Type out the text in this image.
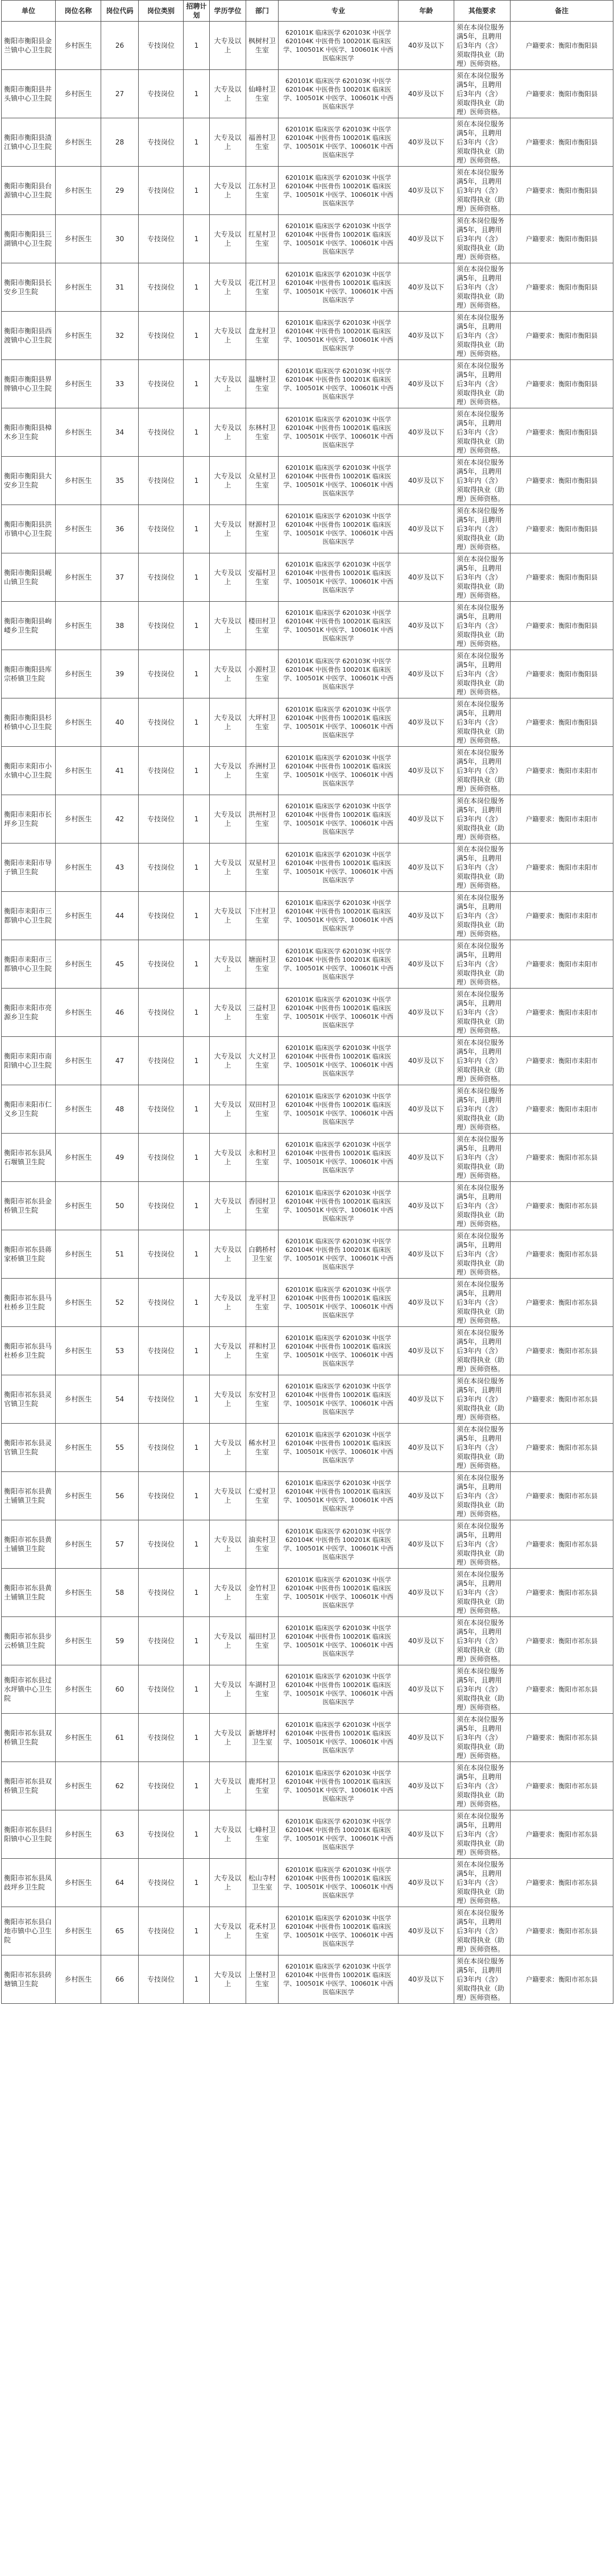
单位	岗位名称	岗位代码	岗位类别	招聘计划	学历学位	部门	专业	年龄	其他要求	备注
衡阳市衡阳县金兰镇中心卫生院	乡村医生	26	专技岗位	1	大专及以上	枫树村卫生室	620101K 临床医学 620103K 中医学 620104K 中医骨伤 100201K 临床医学、100501K 中医学、100601K 中西医临床医学	40岁及以下	须在本岗位服务满5年，且聘用后3年内（含）须取得执业（助理）医师资格。	户籍要求：衡阳市衡阳县
衡阳市衡阳县井头镇中心卫生院	乡村医生	27	专技岗位	1	大专及以上	仙峰村卫生室	620101K 临床医学 620103K 中医学 620104K 中医骨伤 100201K 临床医学、100501K 中医学、100601K 中西医临床医学	40岁及以下	须在本岗位服务满5年，且聘用后3年内（含）须取得执业（助理）医师资格。	户籍要求：衡阳市衡阳县
衡阳市衡阳县渣江镇中心卫生院	乡村医生	28	专技岗位	1	大专及以上	福善村卫生室	620101K 临床医学 620103K 中医学 620104K 中医骨伤 100201K 临床医学、100501K 中医学、100601K 中西医临床医学	40岁及以下	须在本岗位服务满5年，且聘用后3年内（含）须取得执业（助理）医师资格。	户籍要求：衡阳市衡阳县
衡阳市衡阳县台源镇中心卫生院	乡村医生	29	专技岗位	1	大专及以上	江东村卫生室	620101K 临床医学 620103K 中医学 620104K 中医骨伤 100201K 临床医学、100501K 中医学、100601K 中西医临床医学	40岁及以下	须在本岗位服务满5年，且聘用后3年内（含）须取得执业（助理）医师资格。	户籍要求：衡阳市衡阳县
衡阳市衡阳县三湖镇中心卫生院	乡村医生	30	专技岗位	1	大专及以上	红星村卫生室	620101K 临床医学 620103K 中医学 620104K 中医骨伤 100201K 临床医学、100501K 中医学、100601K 中西医临床医学	40岁及以下	须在本岗位服务满5年，且聘用后3年内（含）须取得执业（助理）医师资格。	户籍要求：衡阳市衡阳县
衡阳市衡阳县长安乡卫生院	乡村医生	31	专技岗位	1	大专及以上	花江村卫生室	620101K 临床医学 620103K 中医学 620104K 中医骨伤 100201K 临床医学、100501K 中医学、100601K 中西医临床医学	40岁及以下	须在本岗位服务满5年，且聘用后3年内（含）须取得执业（助理）医师资格。	户籍要求：衡阳市衡阳县
衡阳市衡阳县西渡镇中心卫生院	乡村医生	32	专技岗位	1	大专及以上	盘龙村卫生室	620101K 临床医学 620103K 中医学 620104K 中医骨伤 100201K 临床医学、100501K 中医学、100601K 中西医临床医学	40岁及以下	须在本岗位服务满5年，且聘用后3年内（含）须取得执业（助理）医师资格。	户籍要求：衡阳市衡阳县
衡阳市衡阳县界牌镇中心卫生院	乡村医生	33	专技岗位	1	大专及以上	温塘村卫生室	620101K 临床医学 620103K 中医学 620104K 中医骨伤 100201K 临床医学、100501K 中医学、100601K 中西医临床医学	40岁及以下	须在本岗位服务满5年，且聘用后3年内（含）须取得执业（助理）医师资格。	户籍要求：衡阳市衡阳县
衡阳市衡阳县樟木乡卫生院	乡村医生	34	专技岗位	1	大专及以上	东林村卫生室	620101K 临床医学 620103K 中医学 620104K 中医骨伤 100201K 临床医学、100501K 中医学、100601K 中西医临床医学	40岁及以下	须在本岗位服务满5年，且聘用后3年内（含）须取得执业（助理）医师资格。	户籍要求：衡阳市衡阳县
衡阳市衡阳县大安乡卫生院	乡村医生	35	专技岗位	1	大专及以上	众星村卫生室	620101K 临床医学 620103K 中医学 620104K 中医骨伤 100201K 临床医学、100501K 中医学、100601K 中西医临床医学	40岁及以下	须在本岗位服务满5年，且聘用后3年内（含）须取得执业（助理）医师资格。	户籍要求：衡阳市衡阳县
衡阳市衡阳县洪市镇中心卫生院	乡村医生	36	专技岗位	1	大专及以上	财源村卫生室	620101K 临床医学 620103K 中医学 620104K 中医骨伤 100201K 临床医学、100501K 中医学、100601K 中西医临床医学	40岁及以下	须在本岗位服务满5年，且聘用后3年内（含）须取得执业（助理）医师资格。	户籍要求：衡阳市衡阳县
衡阳市衡阳县岘山镇卫生院	乡村医生	37	专技岗位	1	大专及以上	安福村卫生室	620101K 临床医学 620103K 中医学 620104K 中医骨伤 100201K 临床医学、100501K 中医学、100601K 中西医临床医学	40岁及以下	须在本岗位服务满5年，且聘用后3年内（含）须取得执业（助理）医师资格。	户籍要求：衡阳市衡阳县
衡阳市衡阳县岣嵝乡卫生院	乡村医生	38	专技岗位	1	大专及以上	楼田村卫生室	620101K 临床医学 620103K 中医学 620104K 中医骨伤 100201K 临床医学、100501K 中医学、100601K 中西医临床医学	40岁及以下	须在本岗位服务满5年，且聘用后3年内（含）须取得执业（助理）医师资格。	户籍要求：衡阳市衡阳县
衡阳市衡阳县库宗桥镇卫生院	乡村医生	39	专技岗位	1	大专及以上	小源村卫生室	620101K 临床医学 620103K 中医学 620104K 中医骨伤 100201K 临床医学、100501K 中医学、100601K 中西医临床医学	40岁及以下	须在本岗位服务满5年，且聘用后3年内（含）须取得执业（助理）医师资格。	户籍要求：衡阳市衡阳县
衡阳市衡阳县杉桥镇中心卫生院	乡村医生	40	专技岗位	1	大专及以上	大坪村卫生室	620101K 临床医学 620103K 中医学 620104K 中医骨伤 100201K 临床医学、100501K 中医学、100601K 中西医临床医学	40岁及以下	须在本岗位服务满5年，且聘用后3年内（含）须取得执业（助理）医师资格。	户籍要求：衡阳市衡阳县
衡阳市耒阳市小水镇中心卫生院	乡村医生	41	专技岗位	1	大专及以上	乔洲村卫生室	620101K 临床医学 620103K 中医学 620104K 中医骨伤 100201K 临床医学、100501K 中医学、100601K 中西医临床医学	40岁及以下	须在本岗位服务满5年，且聘用后3年内（含）须取得执业（助理）医师资格。	户籍要求：衡阳市耒阳市
衡阳市耒阳市长坪乡卫生院	乡村医生	42	专技岗位	1	大专及以上	洪州村卫生室	620101K 临床医学 620103K 中医学 620104K 中医骨伤 100201K 临床医学、100501K 中医学、100601K 中西医临床医学	40岁及以下	须在本岗位服务满5年，且聘用后3年内（含）须取得执业（助理）医师资格。	户籍要求：衡阳市耒阳市
衡阳市耒阳市导子镇卫生院	乡村医生	43	专技岗位	1	大专及以上	双星村卫生室	620101K 临床医学 620103K 中医学 620104K 中医骨伤 100201K 临床医学、100501K 中医学、100601K 中西医临床医学	40岁及以下	须在本岗位服务满5年，且聘用后3年内（含）须取得执业（助理）医师资格。	户籍要求：衡阳市耒阳市
衡阳市耒阳市三都镇中心卫生院	乡村医生	44	专技岗位	1	大专及以上	下庄村卫生室	620101K 临床医学 620103K 中医学 620104K 中医骨伤 100201K 临床医学、100501K 中医学、100601K 中西医临床医学	40岁及以下	须在本岗位服务满5年，且聘用后3年内（含）须取得执业（助理）医师资格。	户籍要求：衡阳市耒阳市
衡阳市耒阳市三都镇中心卫生院	乡村医生	45	专技岗位	1	大专及以上	塘面村卫生室	620101K 临床医学 620103K 中医学 620104K 中医骨伤 100201K 临床医学、100501K 中医学、100601K 中西医临床医学	40岁及以下	须在本岗位服务满5年，且聘用后3年内（含）须取得执业（助理）医师资格。	户籍要求：衡阳市耒阳市
衡阳市耒阳市亮源乡卫生院	乡村医生	46	专技岗位	1	大专及以上	三益村卫生室	620101K 临床医学 620103K 中医学 620104K 中医骨伤 100201K 临床医学、100501K 中医学、100601K 中西医临床医学	40岁及以下	须在本岗位服务满5年，且聘用后3年内（含）须取得执业（助理）医师资格。	户籍要求：衡阳市耒阳市
衡阳市耒阳市南阳镇中心卫生院	乡村医生	47	专技岗位	1	大专及以上	大义村卫生室	620101K 临床医学 620103K 中医学 620104K 中医骨伤 100201K 临床医学、100501K 中医学、100601K 中西医临床医学	40岁及以下	须在本岗位服务满5年，且聘用后3年内（含）须取得执业（助理）医师资格。	户籍要求：衡阳市耒阳市
衡阳市耒阳市仁义乡卫生院	乡村医生	48	专技岗位	1	大专及以上	双田村卫生室	620101K 临床医学 620103K 中医学 620104K 中医骨伤 100201K 临床医学、100501K 中医学、100601K 中西医临床医学	40岁及以下	须在本岗位服务满5年，且聘用后3年内（含）须取得执业（助理）医师资格。	户籍要求：衡阳市耒阳市
衡阳市祁东县风石堰镇卫生院	乡村医生	49	专技岗位	1	大专及以上	永和村卫生室	620101K 临床医学 620103K 中医学 620104K 中医骨伤 100201K 临床医学、100501K 中医学、100601K 中西医临床医学	40岁及以下	须在本岗位服务满5年，且聘用后3年内（含）须取得执业（助理）医师资格。	户籍要求：衡阳市祁东县
衡阳市祁东县金桥镇卫生院	乡村医生	50	专技岗位	1	大专及以上	香园村卫生室	620101K 临床医学 620103K 中医学 620104K 中医骨伤 100201K 临床医学、100501K 中医学、100601K 中西医临床医学	40岁及以下	须在本岗位服务满5年，且聘用后3年内（含）须取得执业（助理）医师资格。	户籍要求：衡阳市祁东县
衡阳市祁东县蒋家桥镇卫生院	乡村医生	51	专技岗位	1	大专及以上	白鹤桥村卫生室	620101K 临床医学 620103K 中医学 620104K 中医骨伤 100201K 临床医学、100501K 中医学、100601K 中西医临床医学	40岁及以下	须在本岗位服务满5年，且聘用后3年内（含）须取得执业（助理）医师资格。	户籍要求：衡阳市祁东县
衡阳市祁东县马杜桥乡卫生院	乡村医生	52	专技岗位	1	大专及以上	龙平村卫生室	620101K 临床医学 620103K 中医学 620104K 中医骨伤 100201K 临床医学、100501K 中医学、100601K 中西医临床医学	40岁及以下	须在本岗位服务满5年，且聘用后3年内（含）须取得执业（助理）医师资格。	户籍要求：衡阳市祁东县
衡阳市祁东县马杜桥乡卫生院	乡村医生	53	专技岗位	1	大专及以上	祥和村卫生室	620101K 临床医学 620103K 中医学 620104K 中医骨伤 100201K 临床医学、100501K 中医学、100601K 中西医临床医学	40岁及以下	须在本岗位服务满5年，且聘用后3年内（含）须取得执业（助理）医师资格。	户籍要求：衡阳市祁东县
衡阳市祁东县灵官镇卫生院	乡村医生	54	专技岗位	1	大专及以上	东安村卫生室	620101K 临床医学 620103K 中医学 620104K 中医骨伤 100201K 临床医学、100501K 中医学、100601K 中西医临床医学	40岁及以下	须在本岗位服务满5年，且聘用后3年内（含）须取得执业（助理）医师资格。	户籍要求：衡阳市祁东县
衡阳市祁东县灵官镇卫生院	乡村医生	55	专技岗位	1	大专及以上	稀水村卫生室	620101K 临床医学 620103K 中医学 620104K 中医骨伤 100201K 临床医学、100501K 中医学、100601K 中西医临床医学	40岁及以下	须在本岗位服务满5年，且聘用后3年内（含）须取得执业（助理）医师资格。	户籍要求：衡阳市祁东县
衡阳市祁东县黄土铺镇卫生院	乡村医生	56	专技岗位	1	大专及以上	仁爱村卫生室	620101K 临床医学 620103K 中医学 620104K 中医骨伤 100201K 临床医学、100501K 中医学、100601K 中西医临床医学	40岁及以下	须在本岗位服务满5年，且聘用后3年内（含）须取得执业（助理）医师资格。	户籍要求：衡阳市祁东县
衡阳市祁东县黄土铺镇卫生院	乡村医生	57	专技岗位	1	大专及以上	油卖村卫生室	620101K 临床医学 620103K 中医学 620104K 中医骨伤 100201K 临床医学、100501K 中医学、100601K 中西医临床医学	40岁及以下	须在本岗位服务满5年，且聘用后3年内（含）须取得执业（助理）医师资格。	户籍要求：衡阳市祁东县
衡阳市祁东县黄土铺镇卫生院	乡村医生	58	专技岗位	1	大专及以上	金竹村卫生室	620101K 临床医学 620103K 中医学 620104K 中医骨伤 100201K 临床医学、100501K 中医学、100601K 中西医临床医学	40岁及以下	须在本岗位服务满5年，且聘用后3年内（含）须取得执业（助理）医师资格。	户籍要求：衡阳市祁东县
衡阳市祁东县步云桥镇卫生院	乡村医生	59	专技岗位	1	大专及以上	福田村卫生室	620101K 临床医学 620103K 中医学 620104K 中医骨伤 100201K 临床医学、100501K 中医学、100601K 中西医临床医学	40岁及以下	须在本岗位服务满5年，且聘用后3年内（含）须取得执业（助理）医师资格。	户籍要求：衡阳市祁东县
衡阳市祁东县过水坪镇中心卫生院	乡村医生	60	专技岗位	1	大专及以上	车湖村卫生室	620101K 临床医学 620103K 中医学 620104K 中医骨伤 100201K 临床医学、100501K 中医学、100601K 中西医临床医学	40岁及以下	须在本岗位服务满5年，且聘用后3年内（含）须取得执业（助理）医师资格。	户籍要求：衡阳市祁东县
衡阳市祁东县双桥镇卫生院	乡村医生	61	专技岗位	1	大专及以上	新塘坪村卫生室	620101K 临床医学 620103K 中医学 620104K 中医骨伤 100201K 临床医学、100501K 中医学、100601K 中西医临床医学	40岁及以下	须在本岗位服务满5年，且聘用后3年内（含）须取得执业（助理）医师资格。	户籍要求：衡阳市祁东县
衡阳市祁东县双桥镇卫生院	乡村医生	62	专技岗位	1	大专及以上	鹿邦村卫生室	620101K 临床医学 620103K 中医学 620104K 中医骨伤 100201K 临床医学、100501K 中医学、100601K 中西医临床医学	40岁及以下	须在本岗位服务满5年，且聘用后3年内（含）须取得执业（助理）医师资格。	户籍要求：衡阳市祁东县
衡阳市祁东县归阳镇中心卫生院	乡村医生	63	专技岗位	1	大专及以上	七峰村卫生室	620101K 临床医学 620103K 中医学 620104K 中医骨伤 100201K 临床医学、100501K 中医学、100601K 中西医临床医学	40岁及以下	须在本岗位服务满5年，且聘用后3年内（含）须取得执业（助理）医师资格。	户籍要求：衡阳市祁东县
衡阳市祁东县凤歧坪乡卫生院	乡村医生	64	专技岗位	1	大专及以上	松山寺村卫生室	620101K 临床医学 620103K 中医学 620104K 中医骨伤 100201K 临床医学、100501K 中医学、100601K 中西医临床医学	40岁及以下	须在本岗位服务满5年，且聘用后3年内（含）须取得执业（助理）医师资格。	户籍要求：衡阳市祁东县
衡阳市祁东县白地市镇中心卫生院	乡村医生	65	专技岗位	1	大专及以上	花禾村卫生室	620101K 临床医学 620103K 中医学 620104K 中医骨伤 100201K 临床医学、100501K 中医学、100601K 中西医临床医学	40岁及以下	须在本岗位服务满5年，且聘用后3年内（含）须取得执业（助理）医师资格。	户籍要求：衡阳市祁东县
衡阳市祁东县砖塘镇卫生院	乡村医生	66	专技岗位	1	大专及以上	上堡村卫生室	620101K 临床医学 620103K 中医学 620104K 中医骨伤 100201K 临床医学、100501K 中医学、100601K 中西医临床医学	40岁及以下	须在本岗位服务满5年，且聘用后3年内（含）须取得执业（助理）医师资格。	户籍要求：衡阳市祁东县
